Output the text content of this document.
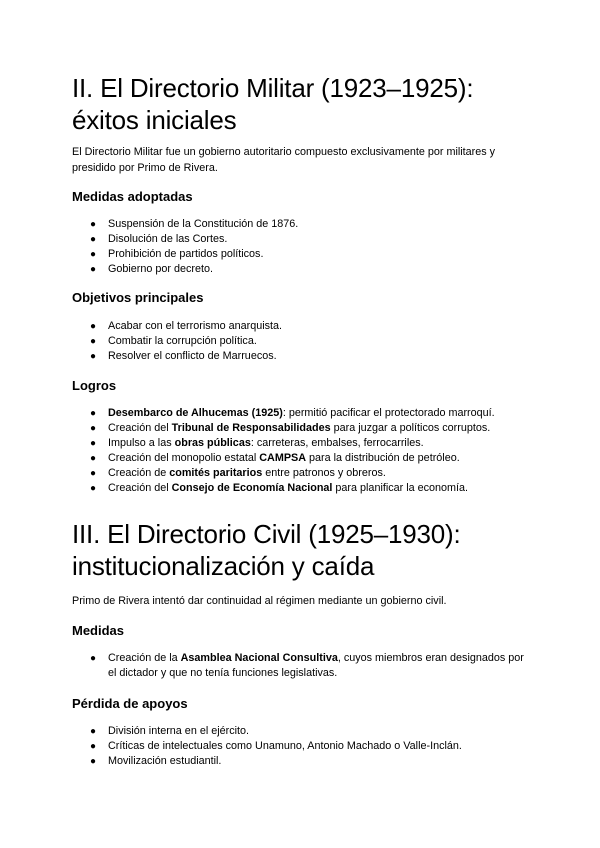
II. El Directorio Militar (1923–1925):
éxitos iniciales

El Directorio Militar fue un gobierno autoritario compuesto exclusivamente por militares y presidido por Primo de Rivera.

Medidas adoptadas
● Suspensión de la Constitución de 1876.
● Disolución de las Cortes.
● Prohibición de partidos políticos.
● Gobierno por decreto.
Objetivos principales
● Acabar con el terrorismo anarquista.
● Combatir la corrupción política.
● Resolver el conflicto de Marruecos.
Logros
● Desembarco de Alhucemas (1925): permitió pacificar el protectorado marroquí.
● Creación del Tribunal de Responsabilidades para juzgar a políticos corruptos.
● Impulso a las obras públicas: carreteras, embalses, ferrocarriles.
● Creación del monopolio estatal CAMPSA para la distribución de petróleo.
● Creación de comités paritarios entre patronos y obreros.
● Creación del Consejo de Economía Nacional para planificar la economía.
III. El Directorio Civil (1925–1930):
institucionalización y caída

Primo de Rivera intentó dar continuidad al régimen mediante un gobierno civil.

Medidas
● Creación de la Asamblea Nacional Consultiva, cuyos miembros eran designados por el dictador y que no tenía funciones legislativas.
Pérdida de apoyos
● División interna en el ejército.
● Críticas de intelectuales como Unamuno, Antonio Machado o Valle-Inclán.
● Movilización estudiantil.
